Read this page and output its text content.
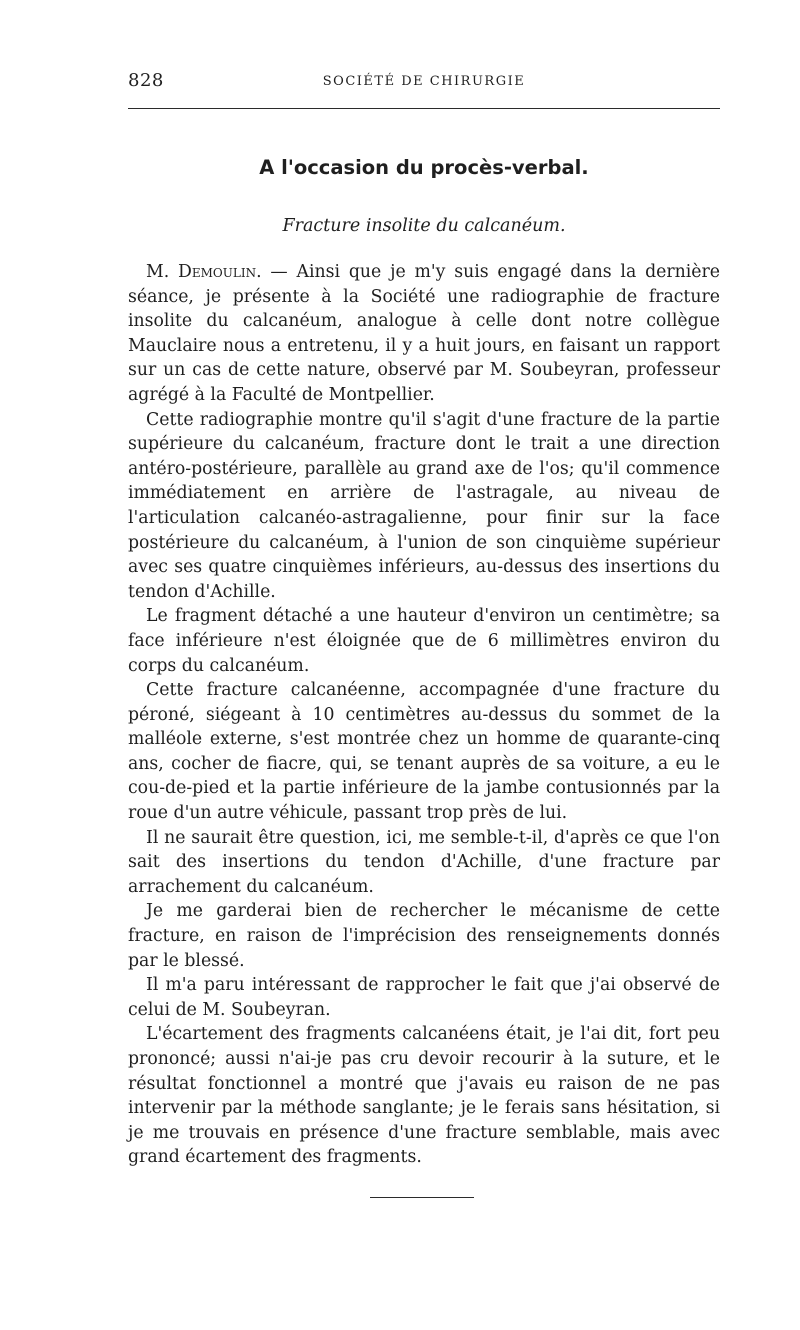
828	SOCIÉTÉ DE CHIRURGIE
A l'occasion du procès-verbal.
Fracture insolite du calcanéum.

M. Demoulin. — Ainsi que je m'y suis engagé dans la dernière séance, je présente à la Société une radiographie de fracture insolite du calcanéum, analogue à celle dont notre collègue Mauclaire nous a entretenu, il y a huit jours, en faisant un rapport sur un cas de cette nature, observé par M. Soubeyran, professeur agrégé à la Faculté de Montpellier.

Cette radiographie montre qu'il s'agit d'une fracture de la partie supérieure du calcanéum, fracture dont le trait a une direction antéro-postérieure, parallèle au grand axe de l'os; qu'il commence immédiatement en arrière de l'astragale, au niveau de l'articulation calcanéo-astragalienne, pour finir sur la face postérieure du calcanéum, à l'union de son cinquième supérieur avec ses quatre cinquièmes inférieurs, au-dessus des insertions du tendon d'Achille.

Le fragment détaché a une hauteur d'environ un centimètre; sa face inférieure n'est éloignée que de 6 millimètres environ du corps du calcanéum.

Cette fracture calcanéenne, accompagnée d'une fracture du péroné, siégeant à 10 centimètres au-dessus du sommet de la malléole externe, s'est montrée chez un homme de quarante-cinq ans, cocher de fiacre, qui, se tenant auprès de sa voiture, a eu le cou-de-pied et la partie inférieure de la jambe contusionnés par la roue d'un autre véhicule, passant trop près de lui.

Il ne saurait être question, ici, me semble-t-il, d'après ce que l'on sait des insertions du tendon d'Achille, d'une fracture par arrachement du calcanéum.

Je me garderai bien de rechercher le mécanisme de cette fracture, en raison de l'imprécision des renseignements donnés par le blessé.

Il m'a paru intéressant de rapprocher le fait que j'ai observé de celui de M. Soubeyran.

L'écartement des fragments calcanéens était, je l'ai dit, fort peu prononcé; aussi n'ai-je pas cru devoir recourir à la suture, et le résultat fonctionnel a montré que j'avais eu raison de ne pas intervenir par la méthode sanglante; je le ferais sans hésitation, si je me trouvais en présence d'une fracture semblable, mais avec grand écartement des fragments.
